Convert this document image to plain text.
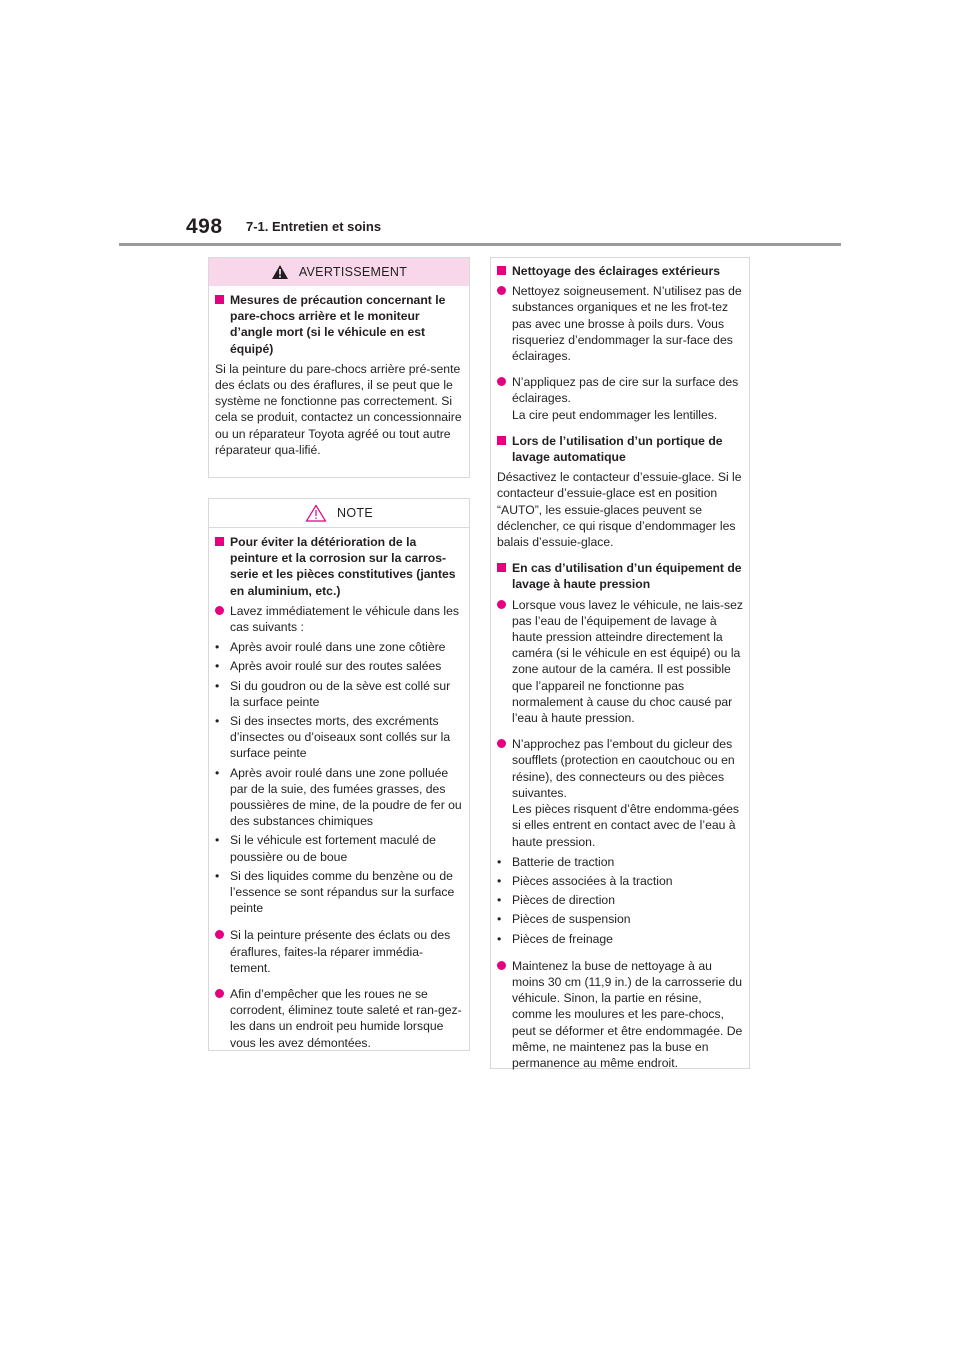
498 7-1. Entretien et soins
AVERTISSEMENT
Mesures de précaution concernant le pare-chocs arrière et le moniteur d’angle mort (si le véhicule en est équipé)
Si la peinture du pare-chocs arrière pré-sente des éclats ou des éraflures, il se peut que le système ne fonctionne pas correctement. Si cela se produit, contactez un concessionnaire ou un réparateur Toyota agréé ou tout autre réparateur qua-lifié.
NOTE
Pour éviter la détérioration de la peinture et la corrosion sur la carros-serie et les pièces constitutives (jantes en aluminium, etc.)
Lavez immédiatement le véhicule dans les cas suivants :
• Après avoir roulé dans une zone côtière
• Après avoir roulé sur des routes salées
• Si du goudron ou de la sève est collé sur la surface peinte
• Si des insectes morts, des excréments d’insectes ou d’oiseaux sont collés sur la surface peinte
• Après avoir roulé dans une zone polluée par de la suie, des fumées grasses, des poussières de mine, de la poudre de fer ou des substances chimiques
• Si le véhicule est fortement maculé de poussière ou de boue
• Si des liquides comme du benzène ou de l’essence se sont répandus sur la surface peinte
Si la peinture présente des éclats ou des éraflures, faites-la réparer immédia-tement.
Afin d’empêcher que les roues ne se corrodent, éliminez toute saleté et ran-gez-les dans un endroit peu humide lorsque vous les avez démontées.
Nettoyage des éclairages extérieurs
Nettoyez soigneusement. N’utilisez pas de substances organiques et ne les frot-tez pas avec une brosse à poils durs. Vous risqueriez d’endommager la sur-face des éclairages.
N’appliquez pas de cire sur la surface des éclairages.
La cire peut endommager les lentilles.
Lors de l’utilisation d’un portique de lavage automatique
Désactivez le contacteur d’essuie-glace. Si le contacteur d’essuie-glace est en position “AUTO”, les essuie-glaces peuvent se déclencher, ce qui risque d’endommager les balais d’essuie-glace.
En cas d’utilisation d’un équipement de lavage à haute pression
Lorsque vous lavez le véhicule, ne lais-sez pas l’eau de l’équipement de lavage à haute pression atteindre directement la caméra (si le véhicule en est équipé) ou la zone autour de la caméra. Il est possible que l’appareil ne fonctionne pas normalement à cause du choc causé par l’eau à haute pression.
N’approchez pas l’embout du gicleur des soufflets (protection en caoutchouc ou en résine), des connecteurs ou des pièces suivantes.
Les pièces risquent d’être endomma-gées si elles entrent en contact avec de l’eau à haute pression.
• Batterie de traction
• Pièces associées à la traction
• Pièces de direction
• Pièces de suspension
• Pièces de freinage
Maintenez la buse de nettoyage à au moins 30 cm (11,9 in.) de la carrosserie du véhicule. Sinon, la partie en résine, comme les moulures et les pare-chocs, peut se déformer et être endommagée. De même, ne maintenez pas la buse en permanence au même endroit.
